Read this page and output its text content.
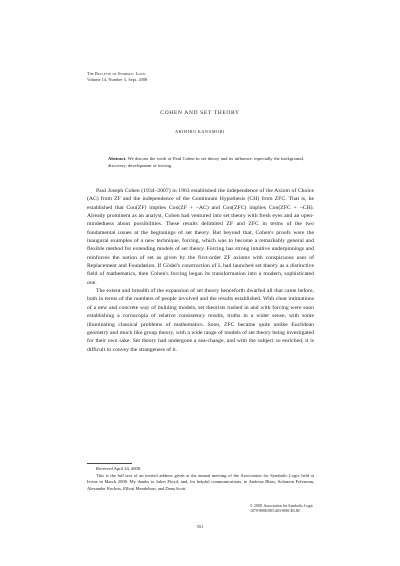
The Bulletin of Symbolic Logic
Volume 14, Number 3, Sept. 2008
COHEN AND SET THEORY
AKIHIRO KANAMORI
Abstract. We discuss the work of Paul Cohen in set theory and its influence, especially the background, discovery, development of forcing.

Paul Joseph Cohen (1934–2007) in 1963 established the independence of the Axiom of Choice (AC) from ZF and the independence of the Continuum Hypothesis (CH) from ZFC. That is, he established that Con(ZF) implies Con(ZF + ¬AC) and Con(ZFC) implies Con(ZFC + ¬CH). Already prominent as an analyst, Cohen had ventured into set theory with fresh eyes and an open-mindedness about possibilities. These results delimited ZF and ZFC in terms of the two fundamental issues at the beginnings of set theory. But beyond that, Cohen's proofs were the inaugural examples of a new technique, forcing, which was to become a remarkably general and flexible method for extending models of set theory. Forcing has strong intuitive underpinnings and reinforces the notion of set as given by the first-order ZF axioms with conspicuous uses of Replacement and Foundation. If Gödel's construction of L had launched set theory as a distinctive field of mathematics, then Cohen's forcing began its transformation into a modern, sophisticated one.

The extent and breadth of the expansion of set theory henceforth dwarfed all that came before, both in terms of the numbers of people involved and the results established. With clear intimations of a new and concrete way of building models, set theorists rushed in and with forcing were soon establishing a cornucopia of relative consistency results, truths in a wider sense, with some illuminating classical problems of mathematics. Soon, ZFC became quite unlike Euclidean geometry and much like group theory, with a wide range of models of set theory being investigated for their own sake. Set theory had undergone a sea-change, and with the subject so enriched, it is difficult to convey the strangeness of it.

Received April 24, 2008.

This is the full text of an invited address given at the annual meeting of the Association for Symbolic Logic held at Irvine in March 2008. My thanks to Juliet Floyd, and, for helpful communications, to Andreas Blass, Solomon Feferman, Alexander Kechris, Elliott Mendelson, and Dana Scott.

© 2008, Association for Symbolic Logic
1079-8986/08/1403-0001/$3.80
351
